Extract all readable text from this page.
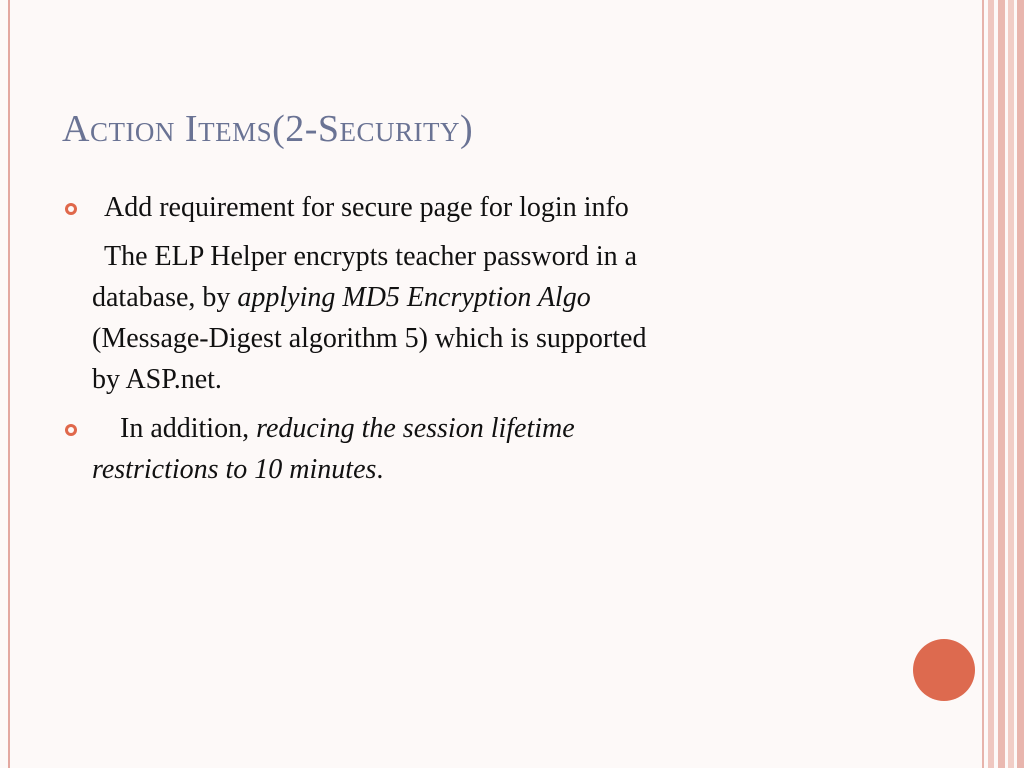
Action Items(2-Security)
Add requirement for secure page for login info
The ELP Helper encrypts teacher password in a
database, by applying MD5 Encryption Algo
(Message-Digest algorithm 5) which is supported
by ASP.net.
In addition, reducing the session lifetime
restrictions to 10 minutes.
